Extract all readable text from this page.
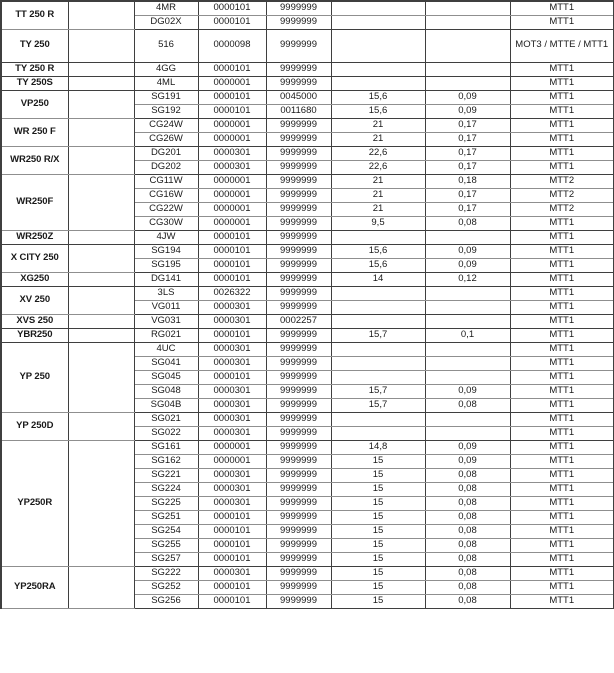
TT 250 R		4MR	0000101	9999999			MTT1
		DG02X	0000101	9999999			MTT1
TY 250		516	0000098	9999999			MOT3 / MTTE / MTT1
TY 250 R		4GG	0000101	9999999			MTT1
TY 250S		4ML	0000001	9999999			MTT1
VP250		SG191	0000101	0045000	15,6	0,09	MTT1
		SG192	0000101	0011680	15,6	0,09	MTT1
WR 250 F		CG24W	0000001	9999999	21	0,17	MTT1
		CG26W	0000001	9999999	21	0,17	MTT1
WR250 R/X		DG201	0000301	9999999	22,6	0,17	MTT1
		DG202	0000301	9999999	22,6	0,17	MTT1
WR250F		CG11W	0000001	9999999	21	0,18	MTT2
		CG16W	0000001	9999999	21	0,17	MTT2
		CG22W	0000001	9999999	21	0,17	MTT2
		CG30W	0000001	9999999	9,5	0,08	MTT1
WR250Z		4JW	0000101	9999999			MTT1
X CITY 250		SG194	0000101	9999999	15,6	0,09	MTT1
		SG195	0000101	9999999	15,6	0,09	MTT1
XG250		DG141	0000101	9999999	14	0,12	MTT1
XV 250		3LS	0026322	9999999			MTT1
		VG011	0000301	9999999			MTT1
XVS 250		VG031	0000301	0002257			MTT1
YBR250		RG021	0000101	9999999	15,7	0,1	MTT1
YP 250		4UC	0000301	9999999			MTT1
		SG041	0000301	9999999			MTT1
		SG045	0000101	9999999			MTT1
		SG048	0000301	9999999	15,7	0,09	MTT1
		SG04B	0000301	9999999	15,7	0,08	MTT1
YP 250D		SG021	0000301	9999999			MTT1
		SG022	0000301	9999999			MTT1
YP250R		SG161	0000001	9999999	14,8	0,09	MTT1
		SG162	0000001	9999999	15	0,09	MTT1
		SG221	0000301	9999999	15	0,08	MTT1
		SG224	0000301	9999999	15	0,08	MTT1
		SG225	0000301	9999999	15	0,08	MTT1
		SG251	0000101	9999999	15	0,08	MTT1
		SG254	0000101	9999999	15	0,08	MTT1
		SG255	0000101	9999999	15	0,08	MTT1
		SG257	0000101	9999999	15	0,08	MTT1
YP250RA		SG222	0000301	9999999	15	0,08	MTT1
		SG252	0000101	9999999	15	0,08	MTT1
		SG256	0000101	9999999	15	0,08	MTT1
